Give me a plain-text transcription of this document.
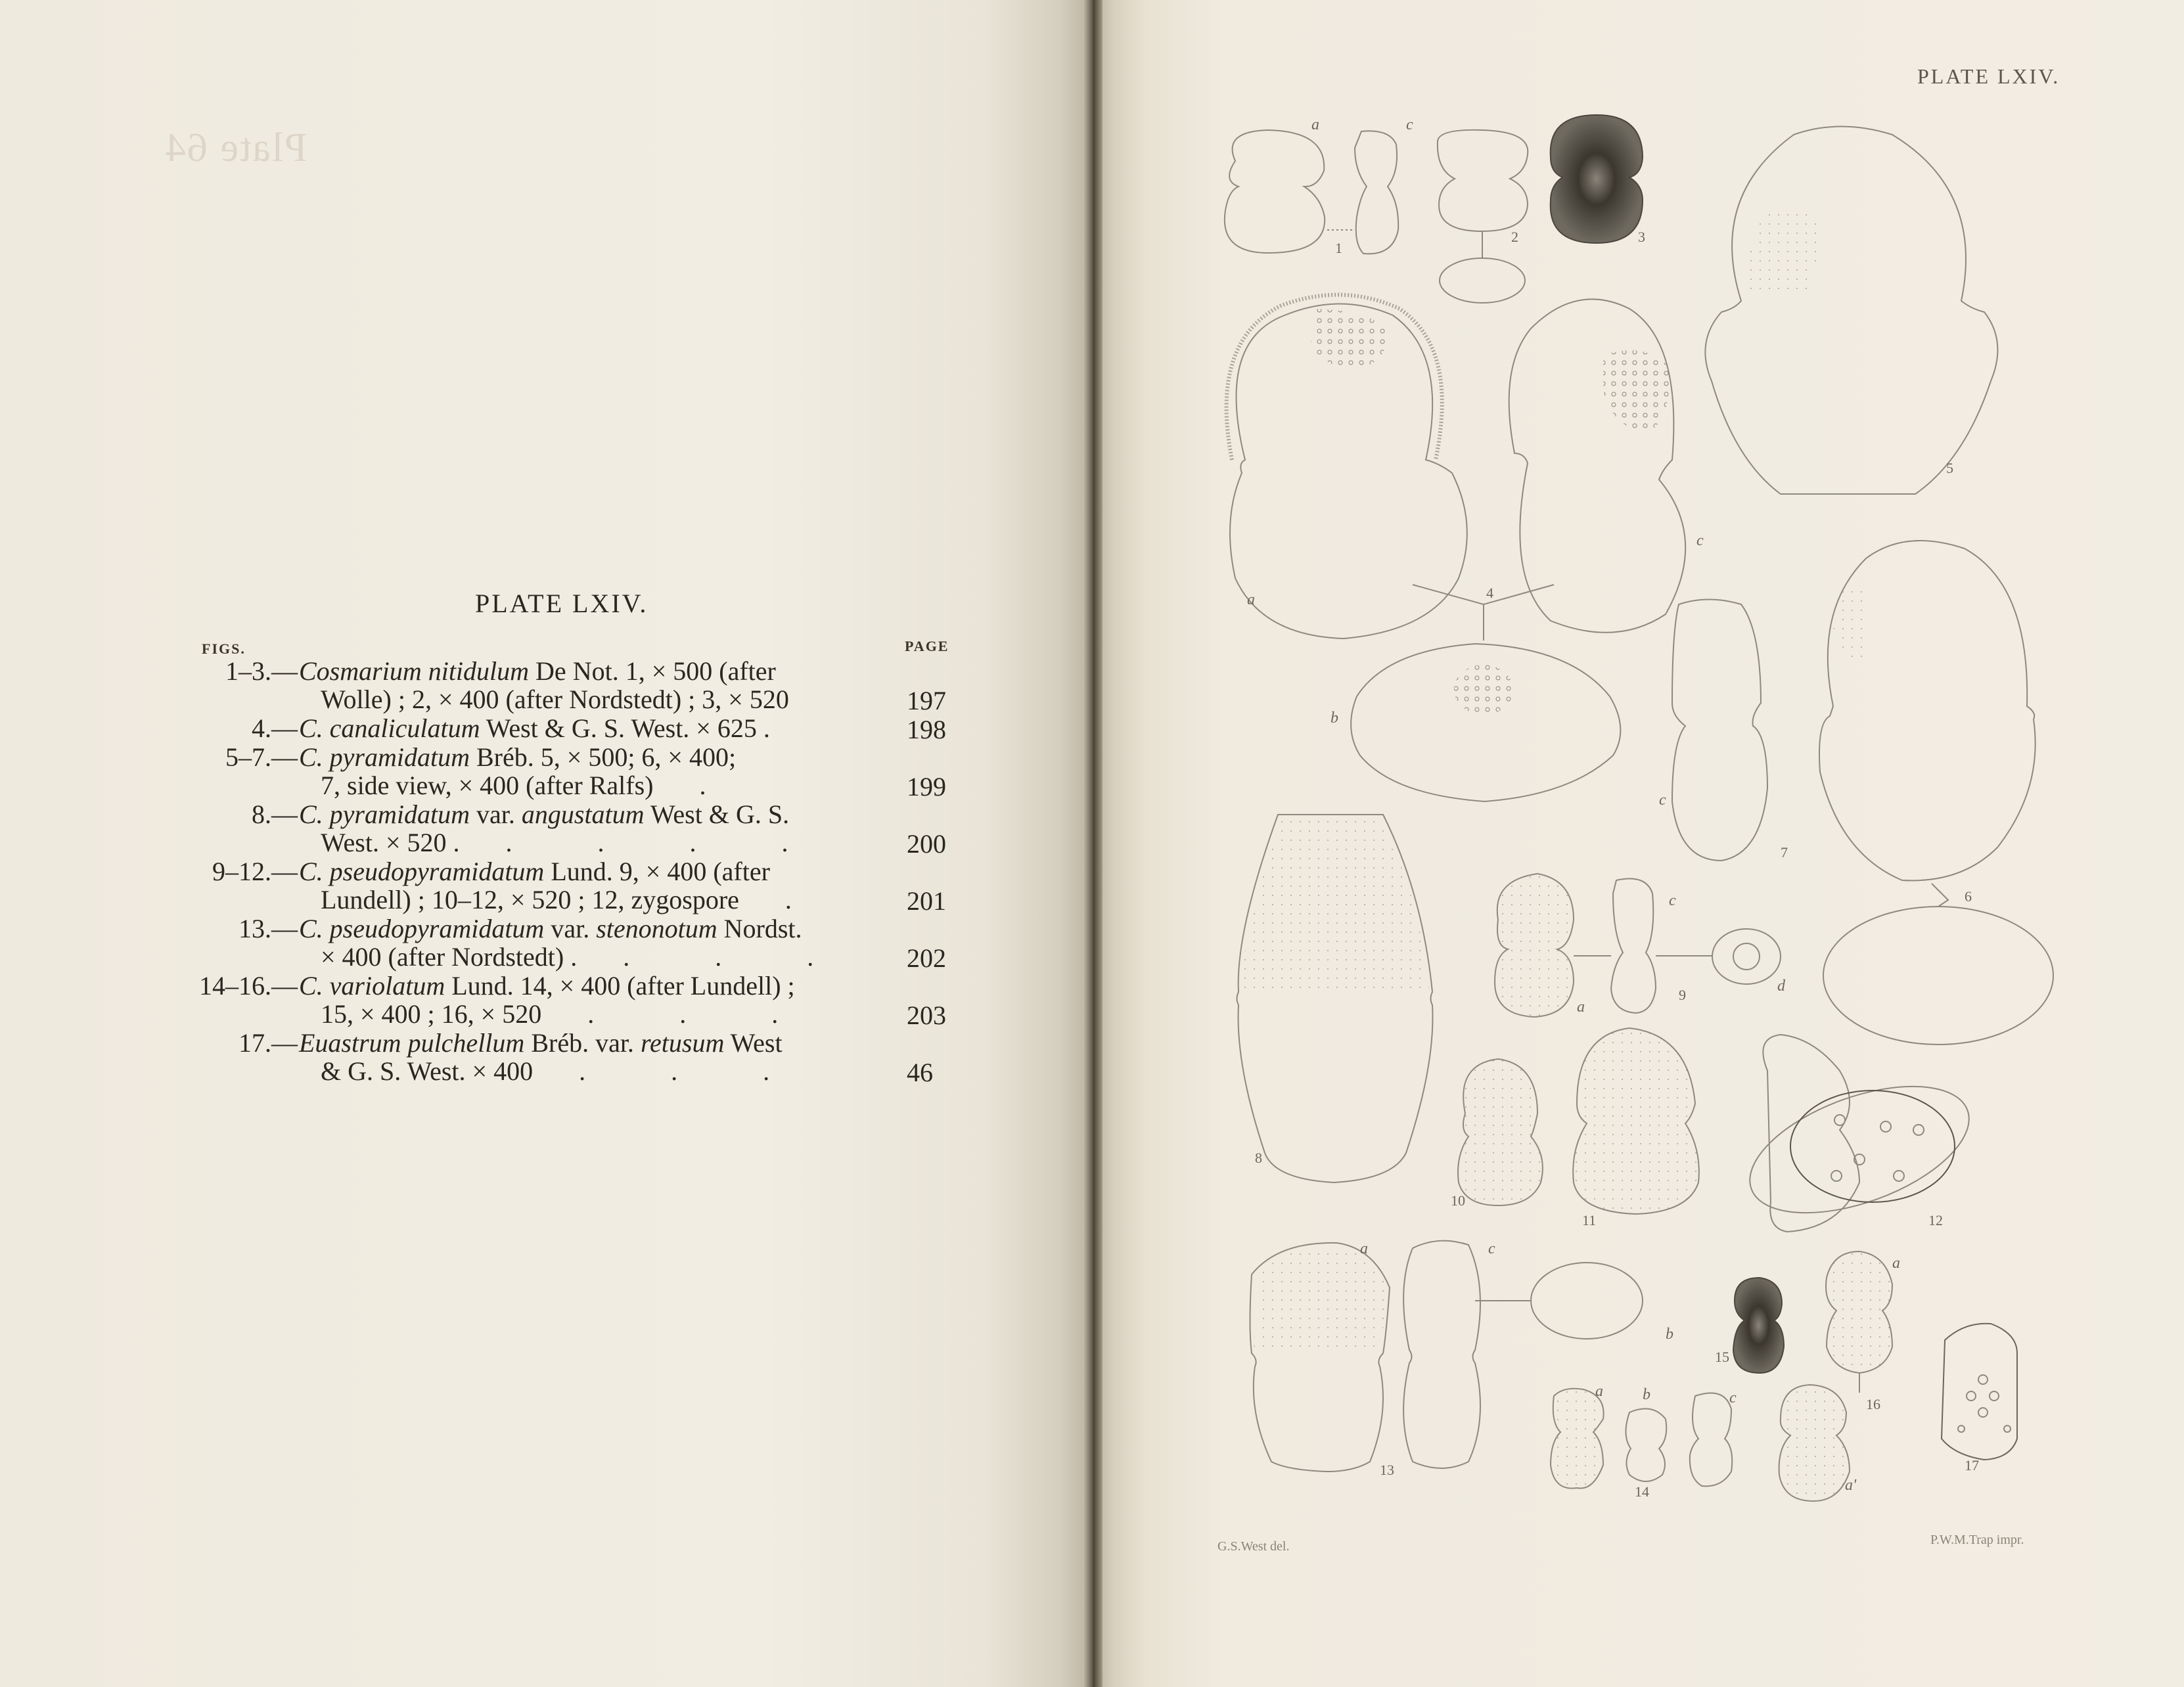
Plate 64
PLATE LXIV.
FIGS.	PAGE
1–3.— Cosmarium nitidulum De Not. 1, × 500 (after
Wolle) ; 2, × 400 (after Nordstedt) ; 3, × 520	197
4.— C. canaliculatum West & G. S. West. × 625 .	198
5–7.— C. pyramidatum Bréb. 5, × 500; 6, × 400;
7, side view, × 400 (after Ralfs) .	199
8.— C. pyramidatum var. angustatum West & G. S.
West. × 520 . . . . .	200
9–12.— C. pseudopyramidatum Lund. 9, × 400 (after
Lundell) ; 10–12, × 520 ; 12, zygospore .	201
13.— C. pseudopyramidatum var. stenonotum Nordst.
× 400 (after Nordstedt) . . . . 202
14–16.— C. variolatum Lund. 14, × 400 (after Lundell) ;
15, × 400 ; 16, × 520 . . .	203
17.— Euastrum pulchellum Bréb. var. retusum West
& G. S. West. × 400 . . .	46
PLATE LXIV.
G.S.West del.	P.W.M.Trap impr.
1
2	3
4
5
6
7
8
9
10
11	12
13
14
15
16
17
a	c
a
c
b
c
a
c
d
a	c
b
a	b	c
a
a'
